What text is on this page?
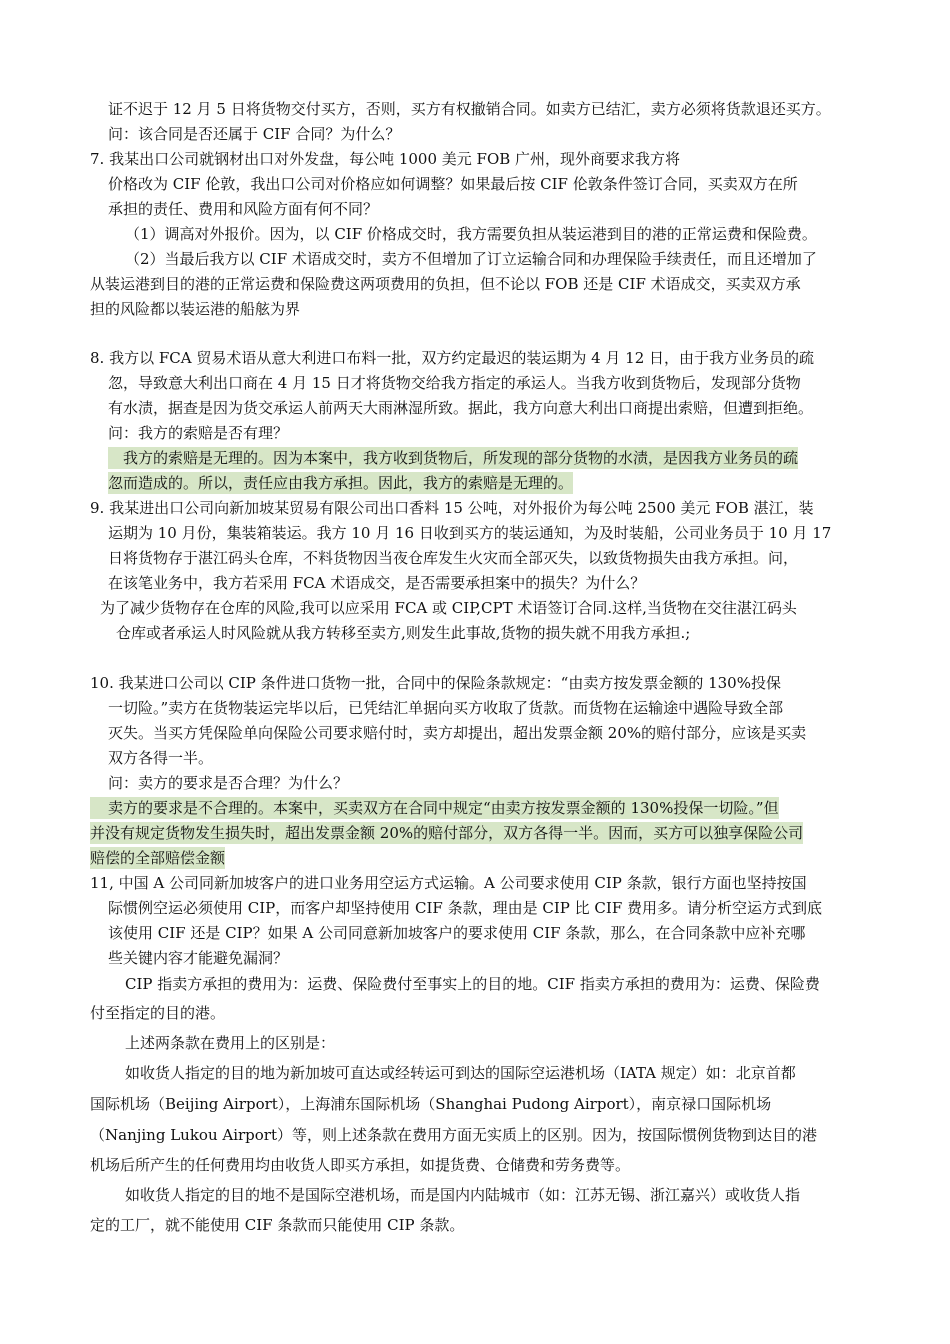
证不迟于 12 月 5 日将货物交付买方，否则，买方有权撤销合同。如卖方已结汇，卖方必须将货款退还买方。
问：该合同是否还属于 CIF 合同？为什么？
7. 我某出口公司就钢材出口对外发盘，每公吨 1000 美元 FOB 广州，现外商要求我方将
价格改为 CIF 伦敦，我出口公司对价格应如何调整？如果最后按 CIF 伦敦条件签订合同，买卖双方在所
承担的责任、费用和风险方面有何不同？
（1）调高对外报价。因为，以 CIF 价格成交时，我方需要负担从装运港到目的港的正常运费和保险费。
（2）当最后我方以 CIF 术语成交时，卖方不但增加了订立运输合同和办理保险手续责任，而且还增加了
从装运港到目的港的正常运费和保险费这两项费用的负担，但不论以 FOB 还是 CIF 术语成交，买卖双方承
担的风险都以装运港的船舷为界
8. 我方以 FCA 贸易术语从意大利进口布料一批，双方约定最迟的装运期为 4 月 12 日，由于我方业务员的疏
忽，导致意大利出口商在 4 月 15 日才将货物交给我方指定的承运人。当我方收到货物后，发现部分货物
有水渍，据查是因为货交承运人前两天大雨淋湿所致。据此，我方向意大利出口商提出索赔，但遭到拒绝。
问：我方的索赔是否有理？
我方的索赔是无理的。因为本案中，我方收到货物后，所发现的部分货物的水渍，是因我方业务员的疏
忽而造成的。所以，责任应由我方承担。因此，我方的索赔是无理的。
9. 我某进出口公司向新加坡某贸易有限公司出口香料 15 公吨，对外报价为每公吨 2500 美元 FOB 湛江，装
运期为 10 月份，集装箱装运。我方 10 月 16 日收到买方的装运通知，为及时装船，公司业务员于 10 月 17
日将货物存于湛江码头仓库，不料货物因当夜仓库发生火灾而全部灭失，以致货物损失由我方承担。问，
在该笔业务中，我方若采用 FCA 术语成交，是否需要承担案中的损失？为什么？
为了减少货物存在仓库的风险,我可以应采用 FCA 或 CIP,CPT 术语签订合同.这样,当货物在交往湛江码头
仓库或者承运人时风险就从我方转移至卖方,则发生此事故,货物的损失就不用我方承担.;
10. 我某进口公司以 CIP 条件进口货物一批，合同中的保险条款规定：“由卖方按发票金额的 130%投保
一切险。”卖方在货物装运完毕以后，已凭结汇单据向买方收取了货款。而货物在运输途中遇险导致全部
灭失。当买方凭保险单向保险公司要求赔付时，卖方却提出，超出发票金额 20%的赔付部分，应该是买卖
双方各得一半。
问：卖方的要求是否合理？为什么？
卖方的要求是不合理的。本案中，买卖双方在合同中规定“由卖方按发票金额的 130%投保一切险。”但
并没有规定货物发生损失时，超出发票金额 20%的赔付部分，双方各得一半。因而，买方可以独享保险公司
赔偿的全部赔偿金额
11, 中国 A 公司同新加坡客户的进口业务用空运方式运输。A 公司要求使用 CIP 条款，银行方面也坚持按国
际惯例空运必须使用 CIP，而客户却坚持使用 CIF 条款，理由是 CIP 比 CIF 费用多。请分析空运方式到底
该使用 CIF 还是 CIP？如果 A 公司同意新加坡客户的要求使用 CIF 条款，那么，在合同条款中应补充哪
些关键内容才能避免漏洞？
CIP 指卖方承担的费用为：运费、保险费付至事实上的目的地。CIF 指卖方承担的费用为：运费、保险费
付至指定的目的港。
上述两条款在费用上的区别是：
如收货人指定的目的地为新加坡可直达或经转运可到达的国际空运港机场（IATA 规定）如：北京首都
国际机场（Beijing Airport），上海浦东国际机场（Shanghai Pudong Airport），南京禄口国际机场
（Nanjing Lukou Airport）等，则上述条款在费用方面无实质上的区别。因为，按国际惯例货物到达目的港
机场后所产生的任何费用均由收货人即买方承担，如提货费、仓储费和劳务费等。
如收货人指定的目的地不是国际空港机场，而是国内内陆城市（如：江苏无锡、浙江嘉兴）或收货人指
定的工厂，就不能使用 CIF 条款而只能使用 CIP 条款。
